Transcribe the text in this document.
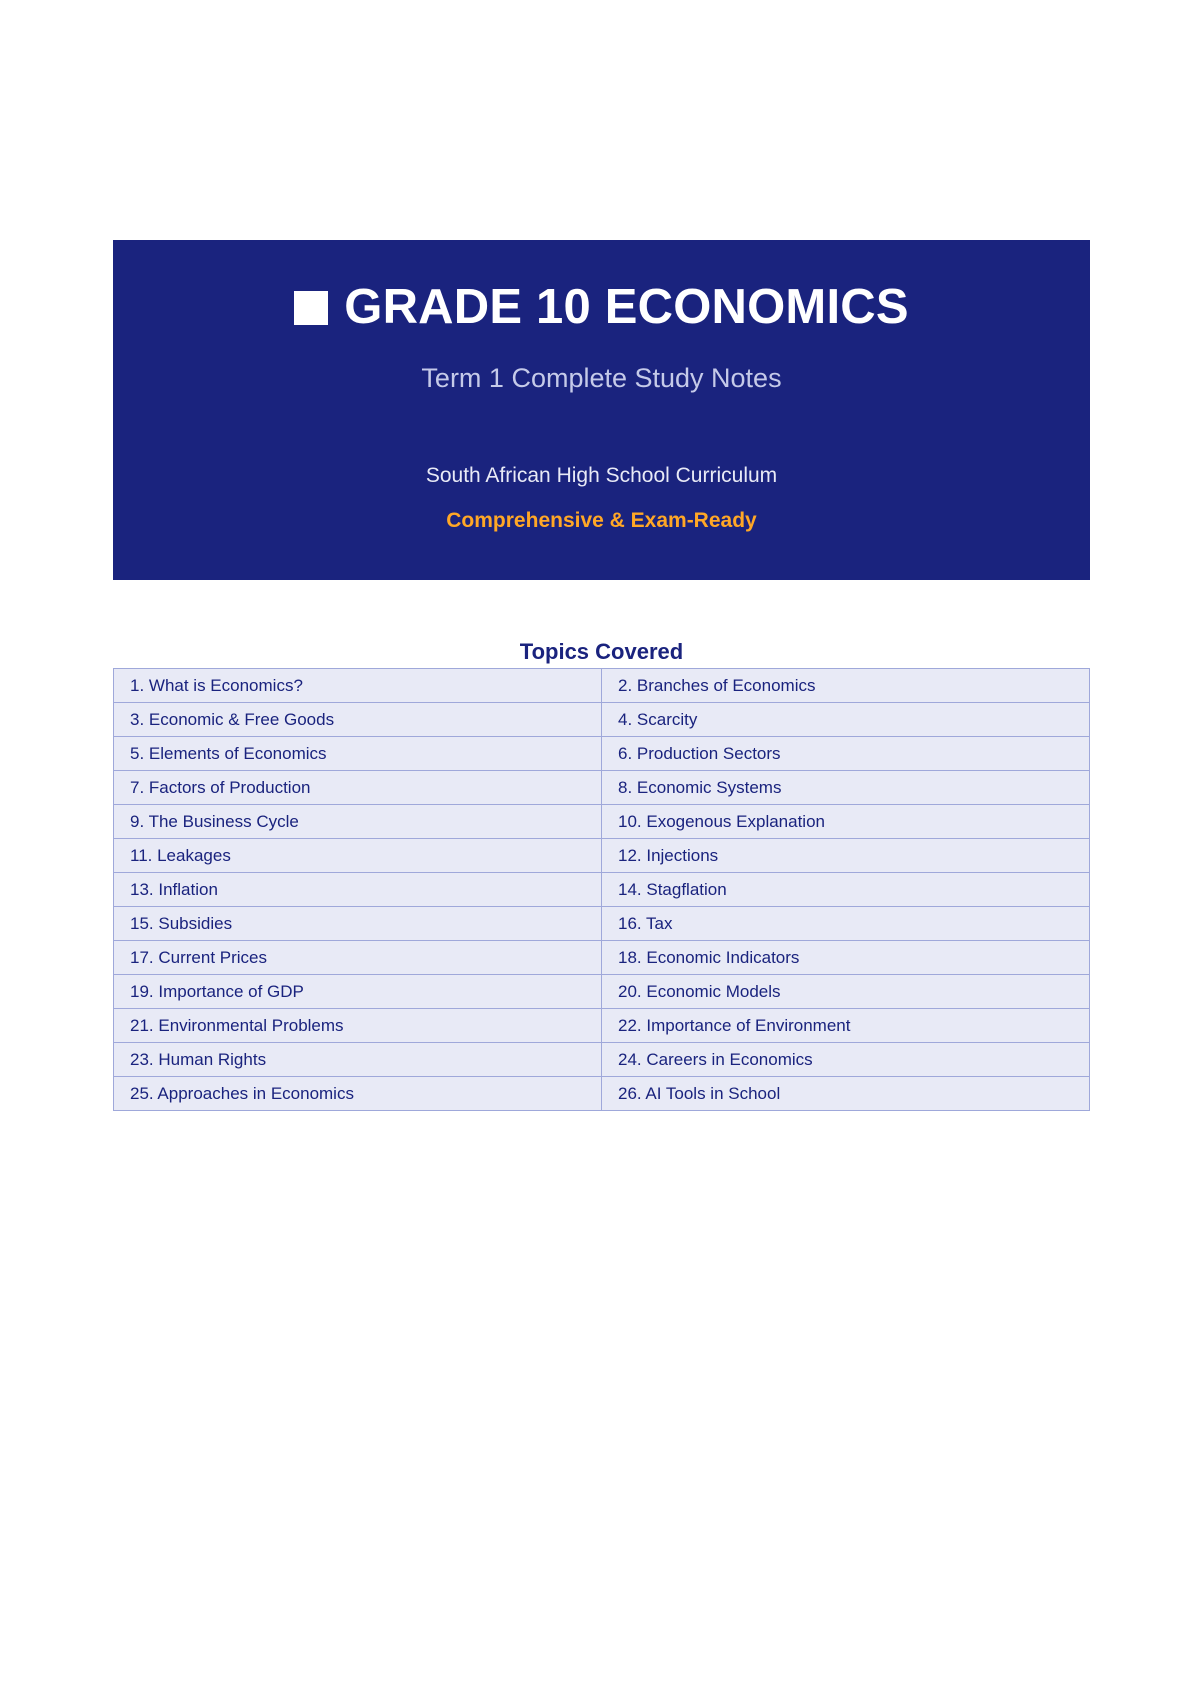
GRADE 10 ECONOMICS
Term 1 Complete Study Notes
South African High School Curriculum
Comprehensive & Exam-Ready
Topics Covered
1. What is Economics?	2. Branches of Economics
3. Economic & Free Goods	4. Scarcity
5. Elements of Economics	6. Production Sectors
7. Factors of Production	8. Economic Systems
9. The Business Cycle	10. Exogenous Explanation
11. Leakages	12. Injections
13. Inflation	14. Stagflation
15. Subsidies	16. Tax
17. Current Prices	18. Economic Indicators
19. Importance of GDP	20. Economic Models
21. Environmental Problems	22. Importance of Environment
23. Human Rights	24. Careers in Economics
25. Approaches in Economics	26. AI Tools in School
